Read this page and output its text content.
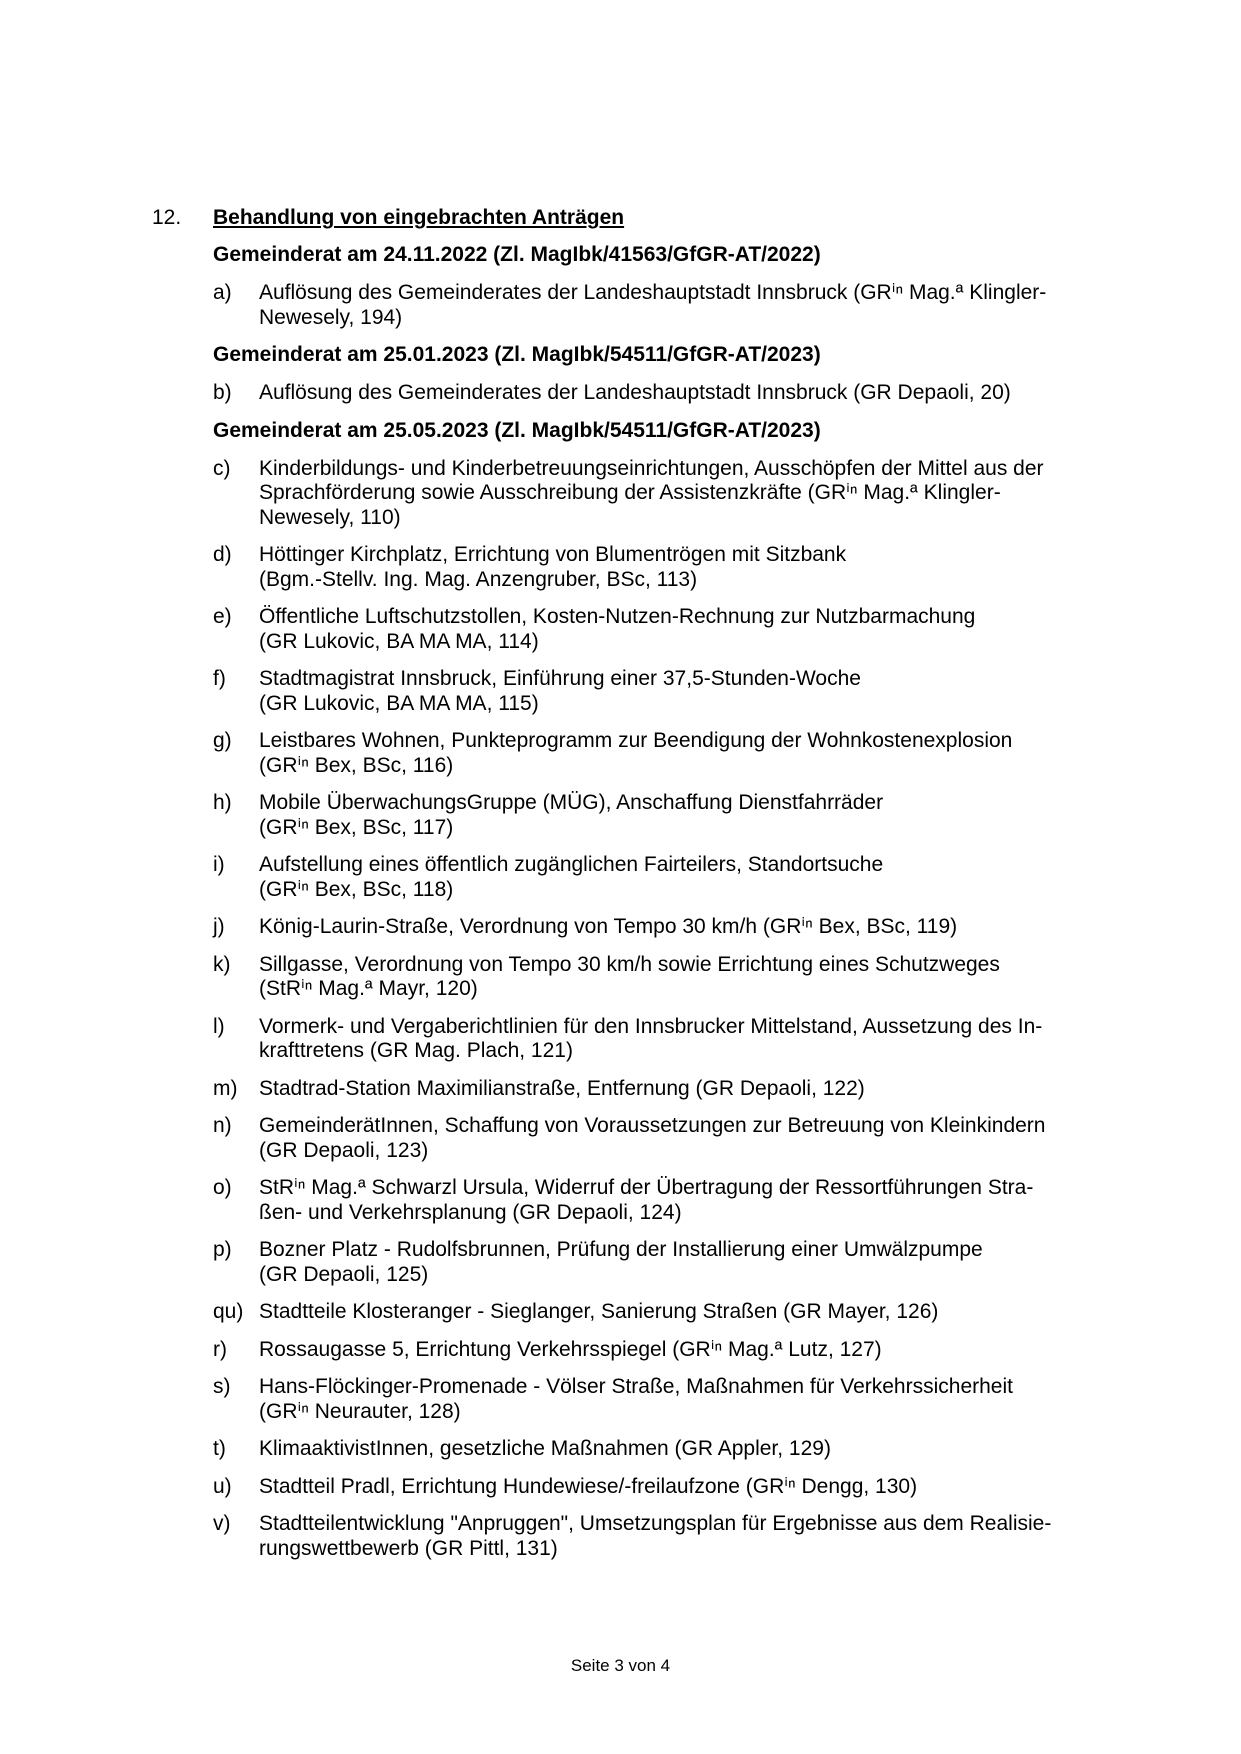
12. Behandlung von eingebrachten Anträgen
Gemeinderat am 24.11.2022 (Zl. MagIbk/41563/GfGR-AT/2022)
a)	Auflösung des Gemeinderates der Landeshauptstadt Innsbruck (GRⁱⁿ Mag.ª Klingler-
Newesely, 194)
Gemeinderat am 25.01.2023 (Zl. MagIbk/54511/GfGR-AT/2023)
b)	Auflösung des Gemeinderates der Landeshauptstadt Innsbruck (GR Depaoli, 20)
Gemeinderat am 25.05.2023 (Zl. MagIbk/54511/GfGR-AT/2023)
c)	Kinderbildungs- und Kinderbetreuungseinrichtungen, Ausschöpfen der Mittel aus der
Sprachförderung sowie Ausschreibung der Assistenzkräfte (GRⁱⁿ Mag.ª Klingler-
Newesely, 110)
d)	Höttinger Kirchplatz, Errichtung von Blumentrögen mit Sitzbank
(Bgm.-Stellv. Ing. Mag. Anzengruber, BSc, 113)
e)	Öffentliche Luftschutzstollen, Kosten-Nutzen-Rechnung zur Nutzbarmachung
(GR Lukovic, BA MA MA, 114)
f)	Stadtmagistrat Innsbruck, Einführung einer 37,5-Stunden-Woche
(GR Lukovic, BA MA MA, 115)
g)	Leistbares Wohnen, Punkteprogramm zur Beendigung der Wohnkostenexplosion
(GRⁱⁿ Bex, BSc, 116)
h)	Mobile ÜberwachungsGruppe (MÜG), Anschaffung Dienstfahrräder
(GRⁱⁿ Bex, BSc, 117)
i)	Aufstellung eines öffentlich zugänglichen Fairteilers, Standortsuche
(GRⁱⁿ Bex, BSc, 118)
j)	König-Laurin-Straße, Verordnung von Tempo 30 km/h (GRⁱⁿ Bex, BSc, 119)
k)	Sillgasse, Verordnung von Tempo 30 km/h sowie Errichtung eines Schutzweges
(StRⁱⁿ Mag.ª Mayr, 120)
l)	Vormerk- und Vergaberichtlinien für den Innsbrucker Mittelstand, Aussetzung des In-
krafttretens (GR Mag. Plach, 121)
m)	Stadtrad-Station Maximilianstraße, Entfernung (GR Depaoli, 122)
n)	GemeinderätInnen, Schaffung von Voraussetzungen zur Betreuung von Kleinkindern
(GR Depaoli, 123)
o)	StRⁱⁿ Mag.ª Schwarzl Ursula, Widerruf der Übertragung der Ressortführungen Stra-
ßen- und Verkehrsplanung (GR Depaoli, 124)
p)	Bozner Platz - Rudolfsbrunnen, Prüfung der Installierung einer Umwälzpumpe
(GR Depaoli, 125)
qu) Stadtteile Klosteranger - Sieglanger, Sanierung Straßen (GR Mayer, 126)
r)	Rossaugasse 5, Errichtung Verkehrsspiegel (GRⁱⁿ Mag.ª Lutz, 127)
s)	Hans-Flöckinger-Promenade - Völser Straße, Maßnahmen für Verkehrssicherheit
(GRⁱⁿ Neurauter, 128)
t)	KlimaaktivistInnen, gesetzliche Maßnahmen (GR Appler, 129)
u)	Stadtteil Pradl, Errichtung Hundewiese/-freilaufzone (GRⁱⁿ Dengg, 130)
v)	Stadtteilentwicklung "Anpruggen", Umsetzungsplan für Ergebnisse aus dem Realisie-
rungswettbewerb (GR Pittl, 131)
Seite 3 von 4
